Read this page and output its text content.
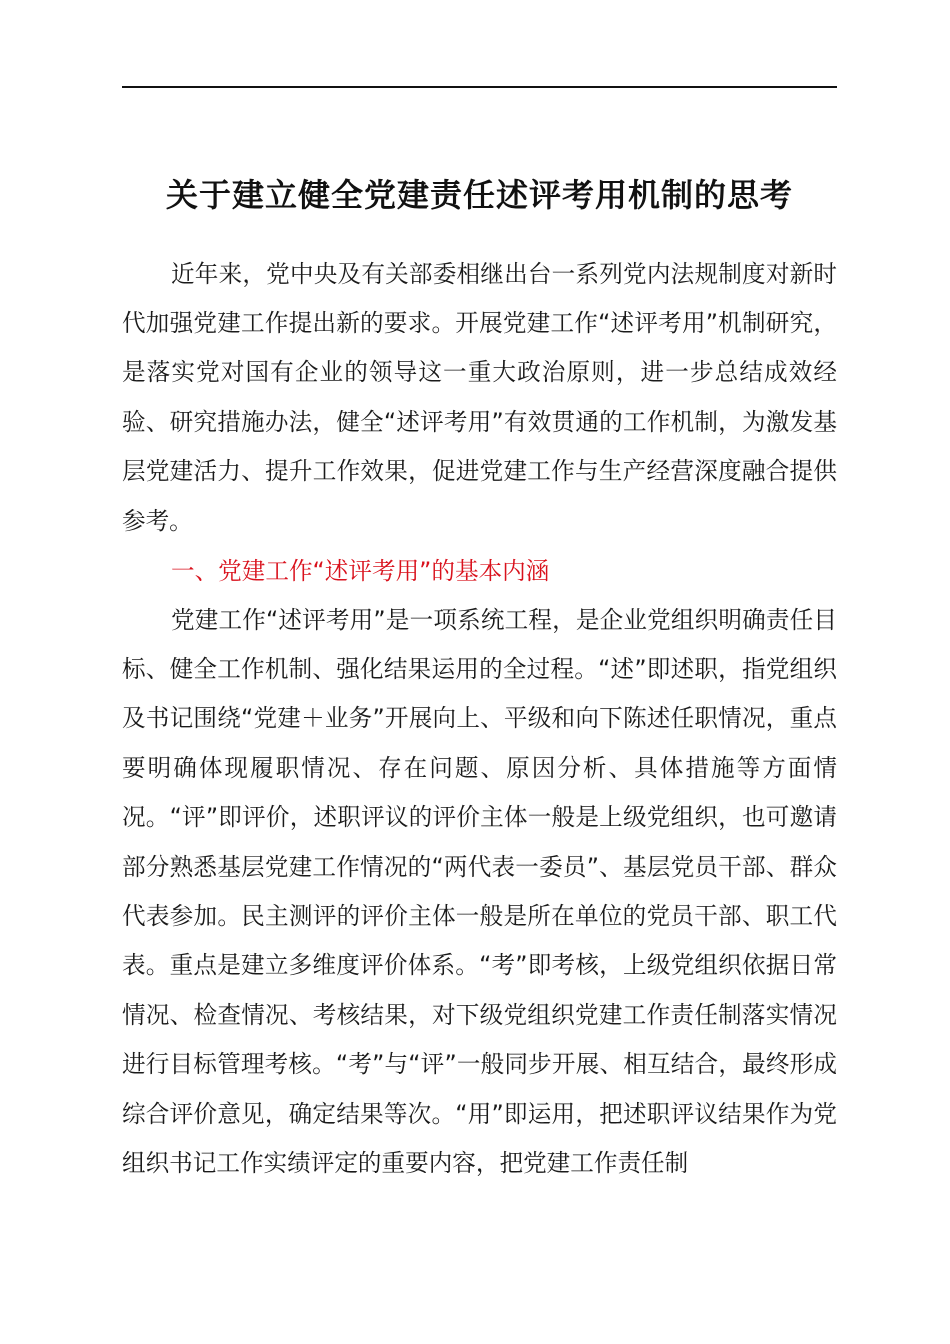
关于建立健全党建责任述评考用机制的思考

近年来，党中央及有关部委相继出台一系列党内法规制度对新时代加强党建工作提出新的要求。开展党建工作“述评考用”机制研究，是落实党对国有企业的领导这一重大政治原则，进一步总结成效经验、研究措施办法，健全“述评考用”有效贯通的工作机制，为激发基层党建活力、提升工作效果，促进党建工作与生产经营深度融合提供参考。

一、党建工作“述评考用”的基本内涵

党建工作“述评考用”是一项系统工程，是企业党组织明确责任目标、健全工作机制、强化结果运用的全过程。“述”即述职，指党组织及书记围绕“党建＋业务”开展向上、平级和向下陈述任职情况，重点要明确体现履职情况、存在问题、原因分析、具体措施等方面情况。“评”即评价，述职评议的评价主体一般是上级党组织，也可邀请部分熟悉基层党建工作情况的“两代表一委员”、基层党员干部、群众代表参加。民主测评的评价主体一般是所在单位的党员干部、职工代表。重点是建立多维度评价体系。“考”即考核，上级党组织依据日常情况、检查情况、考核结果，对下级党组织党建工作责任制落实情况进行目标管理考核。“考”与“评”一般同步开展、相互结合，最终形成综合评价意见，确定结果等次。“用”即运用，把述职评议结果作为党组织书记工作实绩评定的重要内容，把党建工作责任制
